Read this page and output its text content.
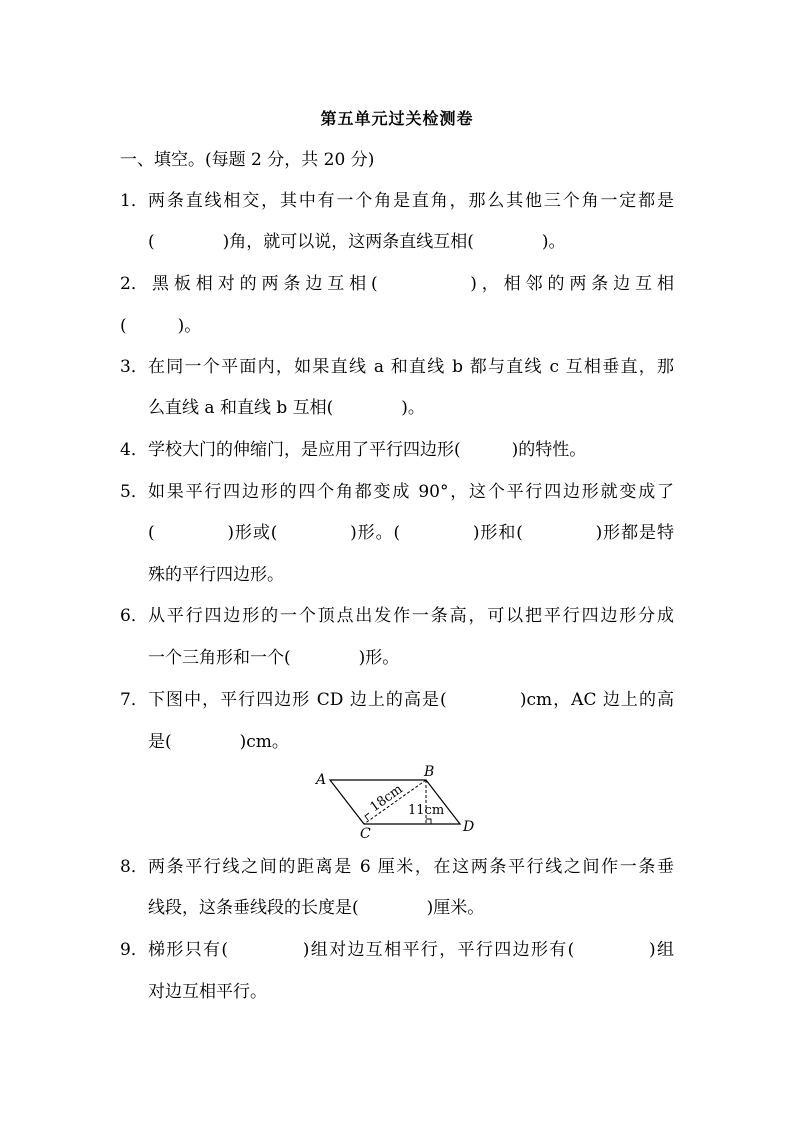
第五单元过关检测卷
一、填空。(每题 2 分，共 20 分)
1． 两条直线相交，其中有一个角是直角，那么其他三个角一定都是
(　　　　)角，就可以说，这两条直线互相(　　　　)。
2． 黑板相对的两条边互相(　　　　)，相邻的两条边互相
(　　　)。
3． 在同一个平面内，如果直线 a 和直线 b 都与直线 c 互相垂直，那
么直线 a 和直线 b 互相(　　　　)。
4． 学校大门的伸缩门，是应用了平行四边形(　　　)的特性。
5． 如果平行四边形的四个角都变成 90°，这个平行四边形就变成了
(　　　　)形或(　　　　)形。(　　　　)形和(　　　　)形都是特
殊的平行四边形。
6． 从平行四边形的一个顶点出发作一条高，可以把平行四边形分成
一个三角形和一个(　　　　)形。
7． 下图中，平行四边形 CD 边上的高是(　　　　)cm，AC 边上的高
是(　　　　)cm。
A	B
C	D
18cm 11cm
8． 两条平行线之间的距离是 6 厘米，在这两条平行线之间作一条垂
线段，这条垂线段的长度是(　　　　)厘米。
9． 梯形只有(　　　　)组对边互相平行，平行四边形有(　　　　)组
对边互相平行。
